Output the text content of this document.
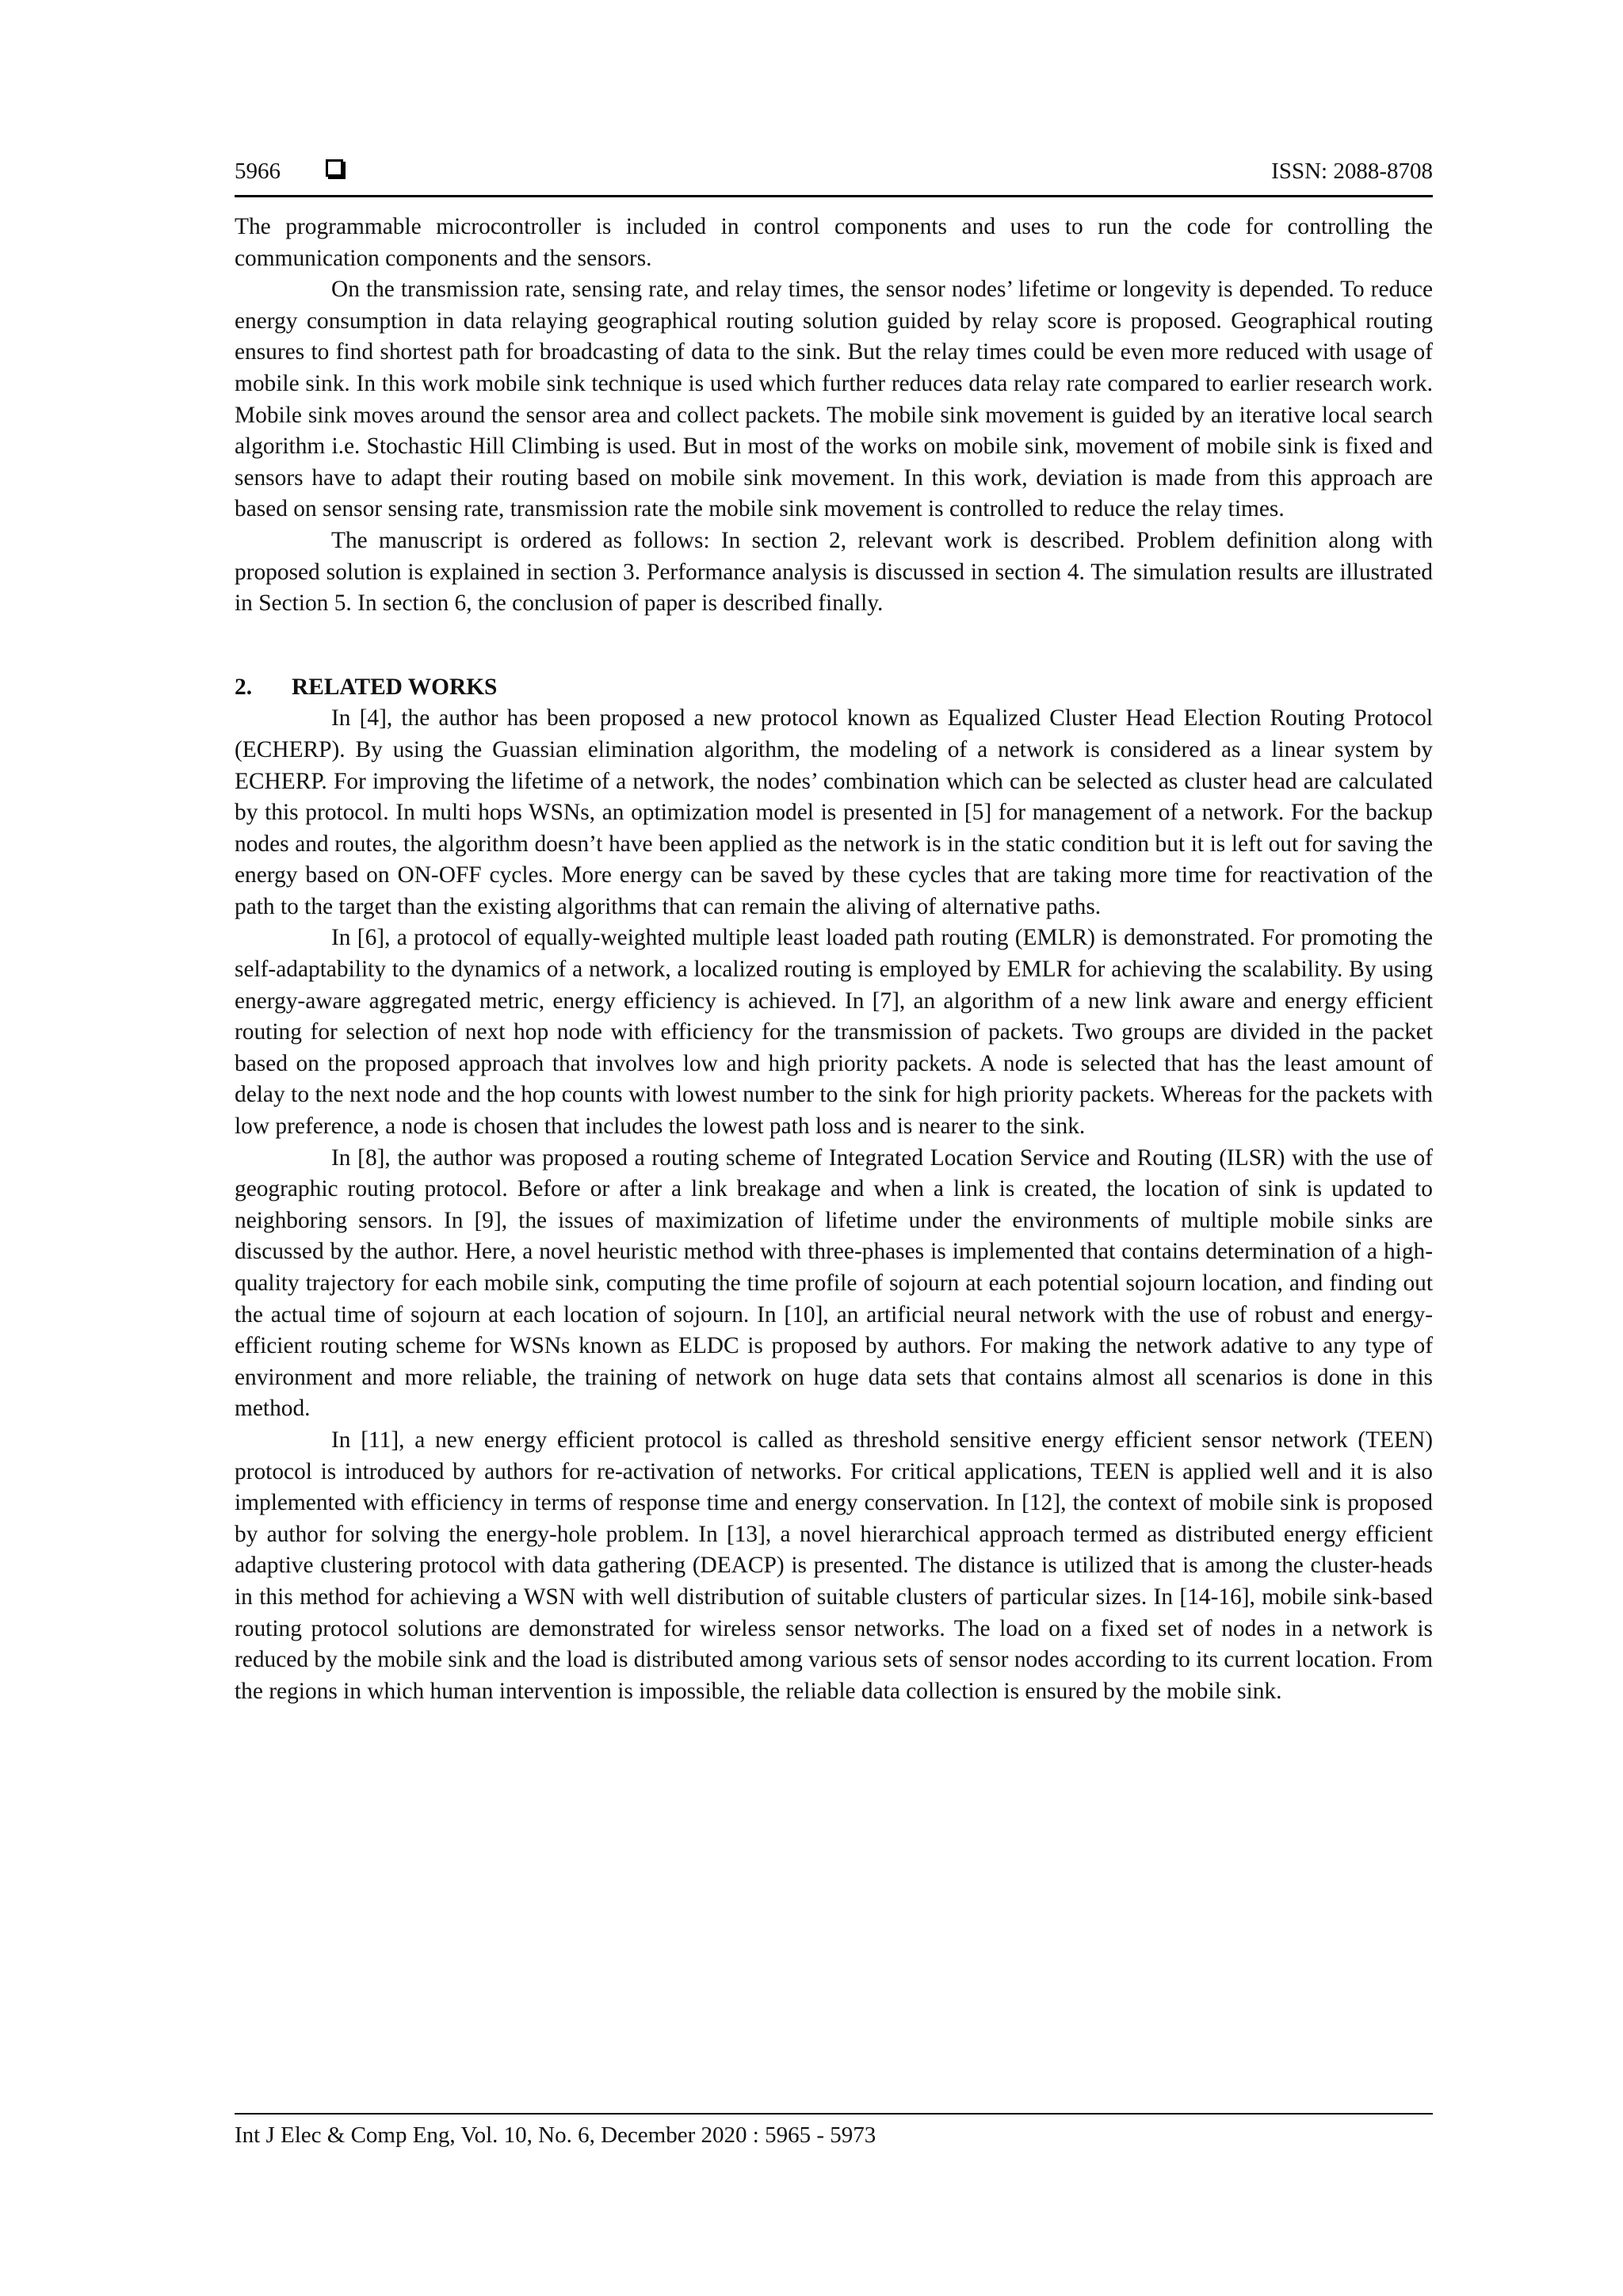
5966	ISSN: 2088-8708

The programmable microcontroller is included in control components and uses to run the code for controlling the communication components and the sensors.

On the transmission rate, sensing rate, and relay times, the sensor nodes’ lifetime or longevity is depended. To reduce energy consumption in data relaying geographical routing solution guided by relay score is proposed. Geographical routing ensures to find shortest path for broadcasting of data to the sink. But the relay times could be even more reduced with usage of mobile sink. In this work mobile sink technique is used which further reduces data relay rate compared to earlier research work. Mobile sink moves around the sensor area and collect packets. The mobile sink movement is guided by an iterative local search algorithm i.e. Stochastic Hill Climbing is used. But in most of the works on mobile sink, movement of mobile sink is fixed and sensors have to adapt their routing based on mobile sink movement. In this work, deviation is made from this approach are based on sensor sensing rate, transmission rate the mobile sink movement is controlled to reduce the relay times.

The manuscript is ordered as follows: In section 2, relevant work is described. Problem definition along with proposed solution is explained in section 3. Performance analysis is discussed in section 4. The simulation results are illustrated in Section 5. In section 6, the conclusion of paper is described finally.

2. RELATED WORKS

In [4], the author has been proposed a new protocol known as Equalized Cluster Head Election Routing Protocol (ECHERP). By using the Guassian elimination algorithm, the modeling of a network is considered as a linear system by ECHERP. For improving the lifetime of a network, the nodes’ combination which can be selected as cluster head are calculated by this protocol. In multi hops WSNs, an optimization model is presented in [5] for management of a network. For the backup nodes and routes, the algorithm doesn’t have been applied as the network is in the static condition but it is left out for saving the energy based on ON-OFF cycles. More energy can be saved by these cycles that are taking more time for reactivation of the path to the target than the existing algorithms that can remain the aliving of alternative paths.

In [6], a protocol of equally-weighted multiple least loaded path routing (EMLR) is demonstrated. For promoting the self-adaptability to the dynamics of a network, a localized routing is employed by EMLR for achieving the scalability. By using energy-aware aggregated metric, energy efficiency is achieved. In [7], an algorithm of a new link aware and energy efficient routing for selection of next hop node with efficiency for the transmission of packets. Two groups are divided in the packet based on the proposed approach that involves low and high priority packets. A node is selected that has the least amount of delay to the next node and the hop counts with lowest number to the sink for high priority packets. Whereas for the packets with low preference, a node is chosen that includes the lowest path loss and is nearer to the sink.

In [8], the author was proposed a routing scheme of Integrated Location Service and Routing (ILSR) with the use of geographic routing protocol. Before or after a link breakage and when a link is created, the location of sink is updated to neighboring sensors. In [9], the issues of maximization of lifetime under the environments of multiple mobile sinks are discussed by the author. Here, a novel heuristic method with three-phases is implemented that contains determination of a high-quality trajectory for each mobile sink, computing the time profile of sojourn at each potential sojourn location, and finding out the actual time of sojourn at each location of sojourn. In [10], an artificial neural network with the use of robust and energy-efficient routing scheme for WSNs known as ELDC is proposed by authors. For making the network adative to any type of environment and more reliable, the training of network on huge data sets that contains almost all scenarios is done in this method.

In [11], a new energy efficient protocol is called as threshold sensitive energy efficient sensor network (TEEN) protocol is introduced by authors for re-activation of networks. For critical applications, TEEN is applied well and it is also implemented with efficiency in terms of response time and energy conservation. In [12], the context of mobile sink is proposed by author for solving the energy-hole problem. In [13], a novel hierarchical approach termed as distributed energy efficient adaptive clustering protocol with data gathering (DEACP) is presented. The distance is utilized that is among the cluster-heads in this method for achieving a WSN with well distribution of suitable clusters of particular sizes. In [14-16], mobile sink-based routing protocol solutions are demonstrated for wireless sensor networks. The load on a fixed set of nodes in a network is reduced by the mobile sink and the load is distributed among various sets of sensor nodes according to its current location. From the regions in which human intervention is impossible, the reliable data collection is ensured by the mobile sink.

Int J Elec & Comp Eng, Vol. 10, No. 6, December 2020 : 5965 - 5973
